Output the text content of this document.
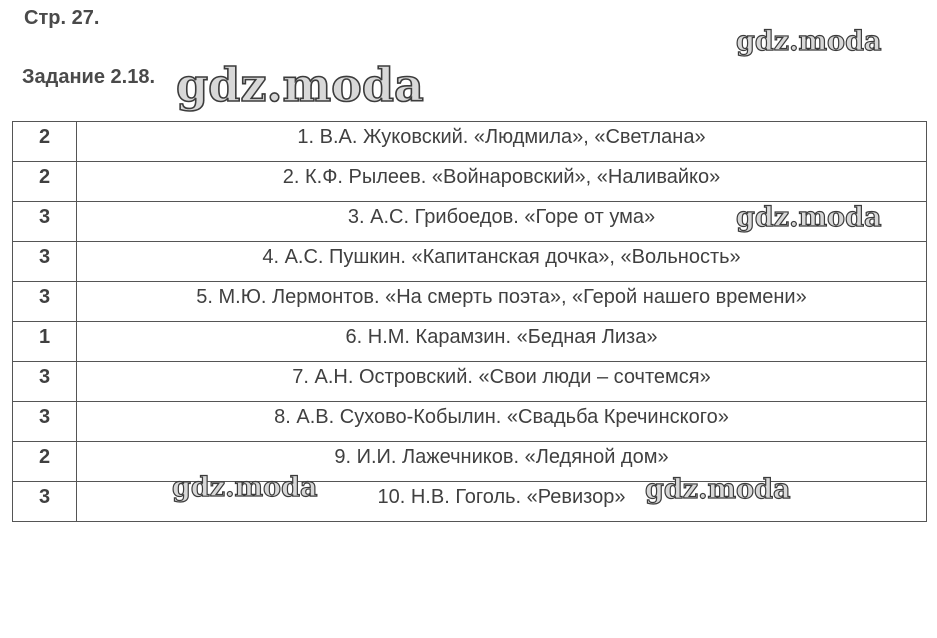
Стр. 27.
Задание 2.18.
2	1. В.А. Жуковский. «Людмила», «Светлана»
2	2. К.Ф. Рылеев. «Войнаровский», «Наливайко»
3	3. А.С. Грибоедов. «Горе от ума»
3	4. А.С. Пушкин. «Капитанская дочка», «Вольность»
3	5. М.Ю. Лермонтов. «На смерть поэта», «Герой нашего времени»
1	6. Н.М. Карамзин. «Бедная Лиза»
3	7. А.Н. Островский. «Свои люди – сочтемся»
3	8. А.В. Сухово-Кобылин. «Свадьба Кречинского»
2	9. И.И. Лажечников. «Ледяной дом»
3	10. Н.В. Гоголь. «Ревизор»
gdz.moda
gdz.moda
gdz.moda
gdz.moda	gdz.moda
